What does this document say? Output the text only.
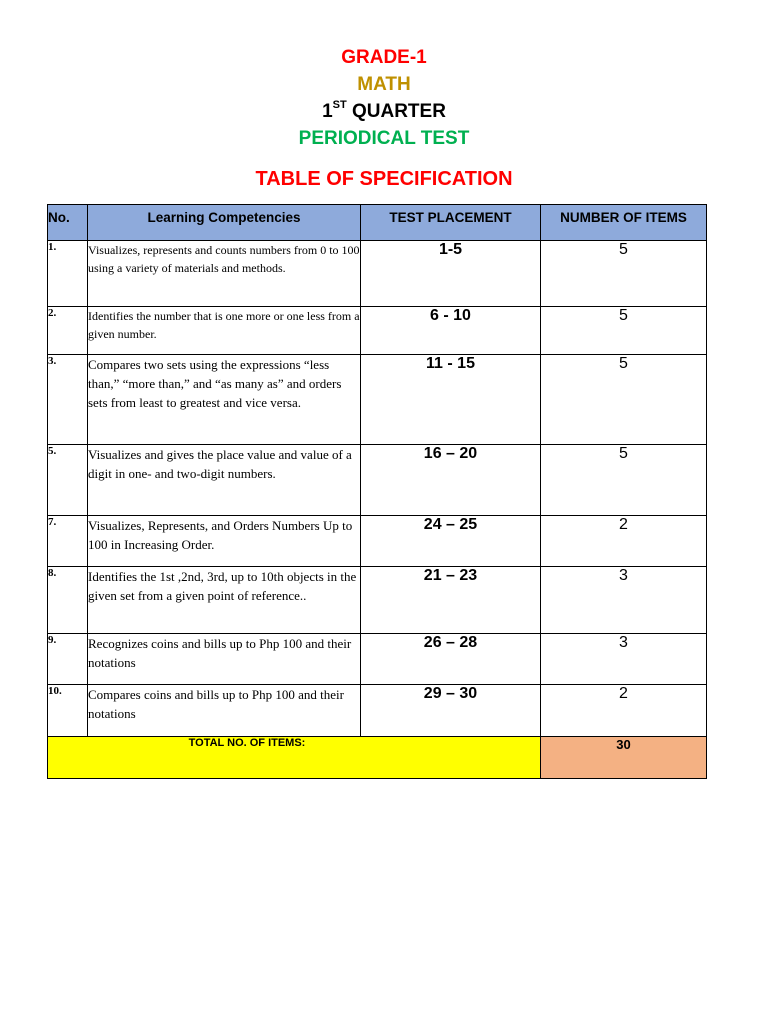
GRADE-1
MATH
1ST QUARTER
PERIODICAL TEST
TABLE OF SPECIFICATION
No.	Learning Competencies	TEST PLACEMENT	NUMBER OF ITEMS
1.	Visualizes, represents and counts numbers from 0 to 100 using a variety of materials and methods.	1-5	5
2.	Identifies the number that is one more or one less from a given number.	6 - 10	5
3.	Compares two sets using the expressions “less than,” “more than,” and “as many as” and orders sets from least to greatest and vice versa.	11 - 15	5
5.	Visualizes and gives the place value and value of a digit in one- and two-digit numbers.	16 – 20	5
7.	Visualizes, Represents, and Orders Numbers Up to 100 in Increasing Order.	24 – 25	2
8.	Identifies the 1st ,2nd, 3rd, up to 10th objects in the given set from a given point of reference..	21 – 23	3
9.	Recognizes coins and bills up to Php 100 and their notations	26 – 28	3
10.	Compares coins and bills up to Php 100 and their notations	29 – 30	2
TOTAL NO. OF ITEMS:			30
